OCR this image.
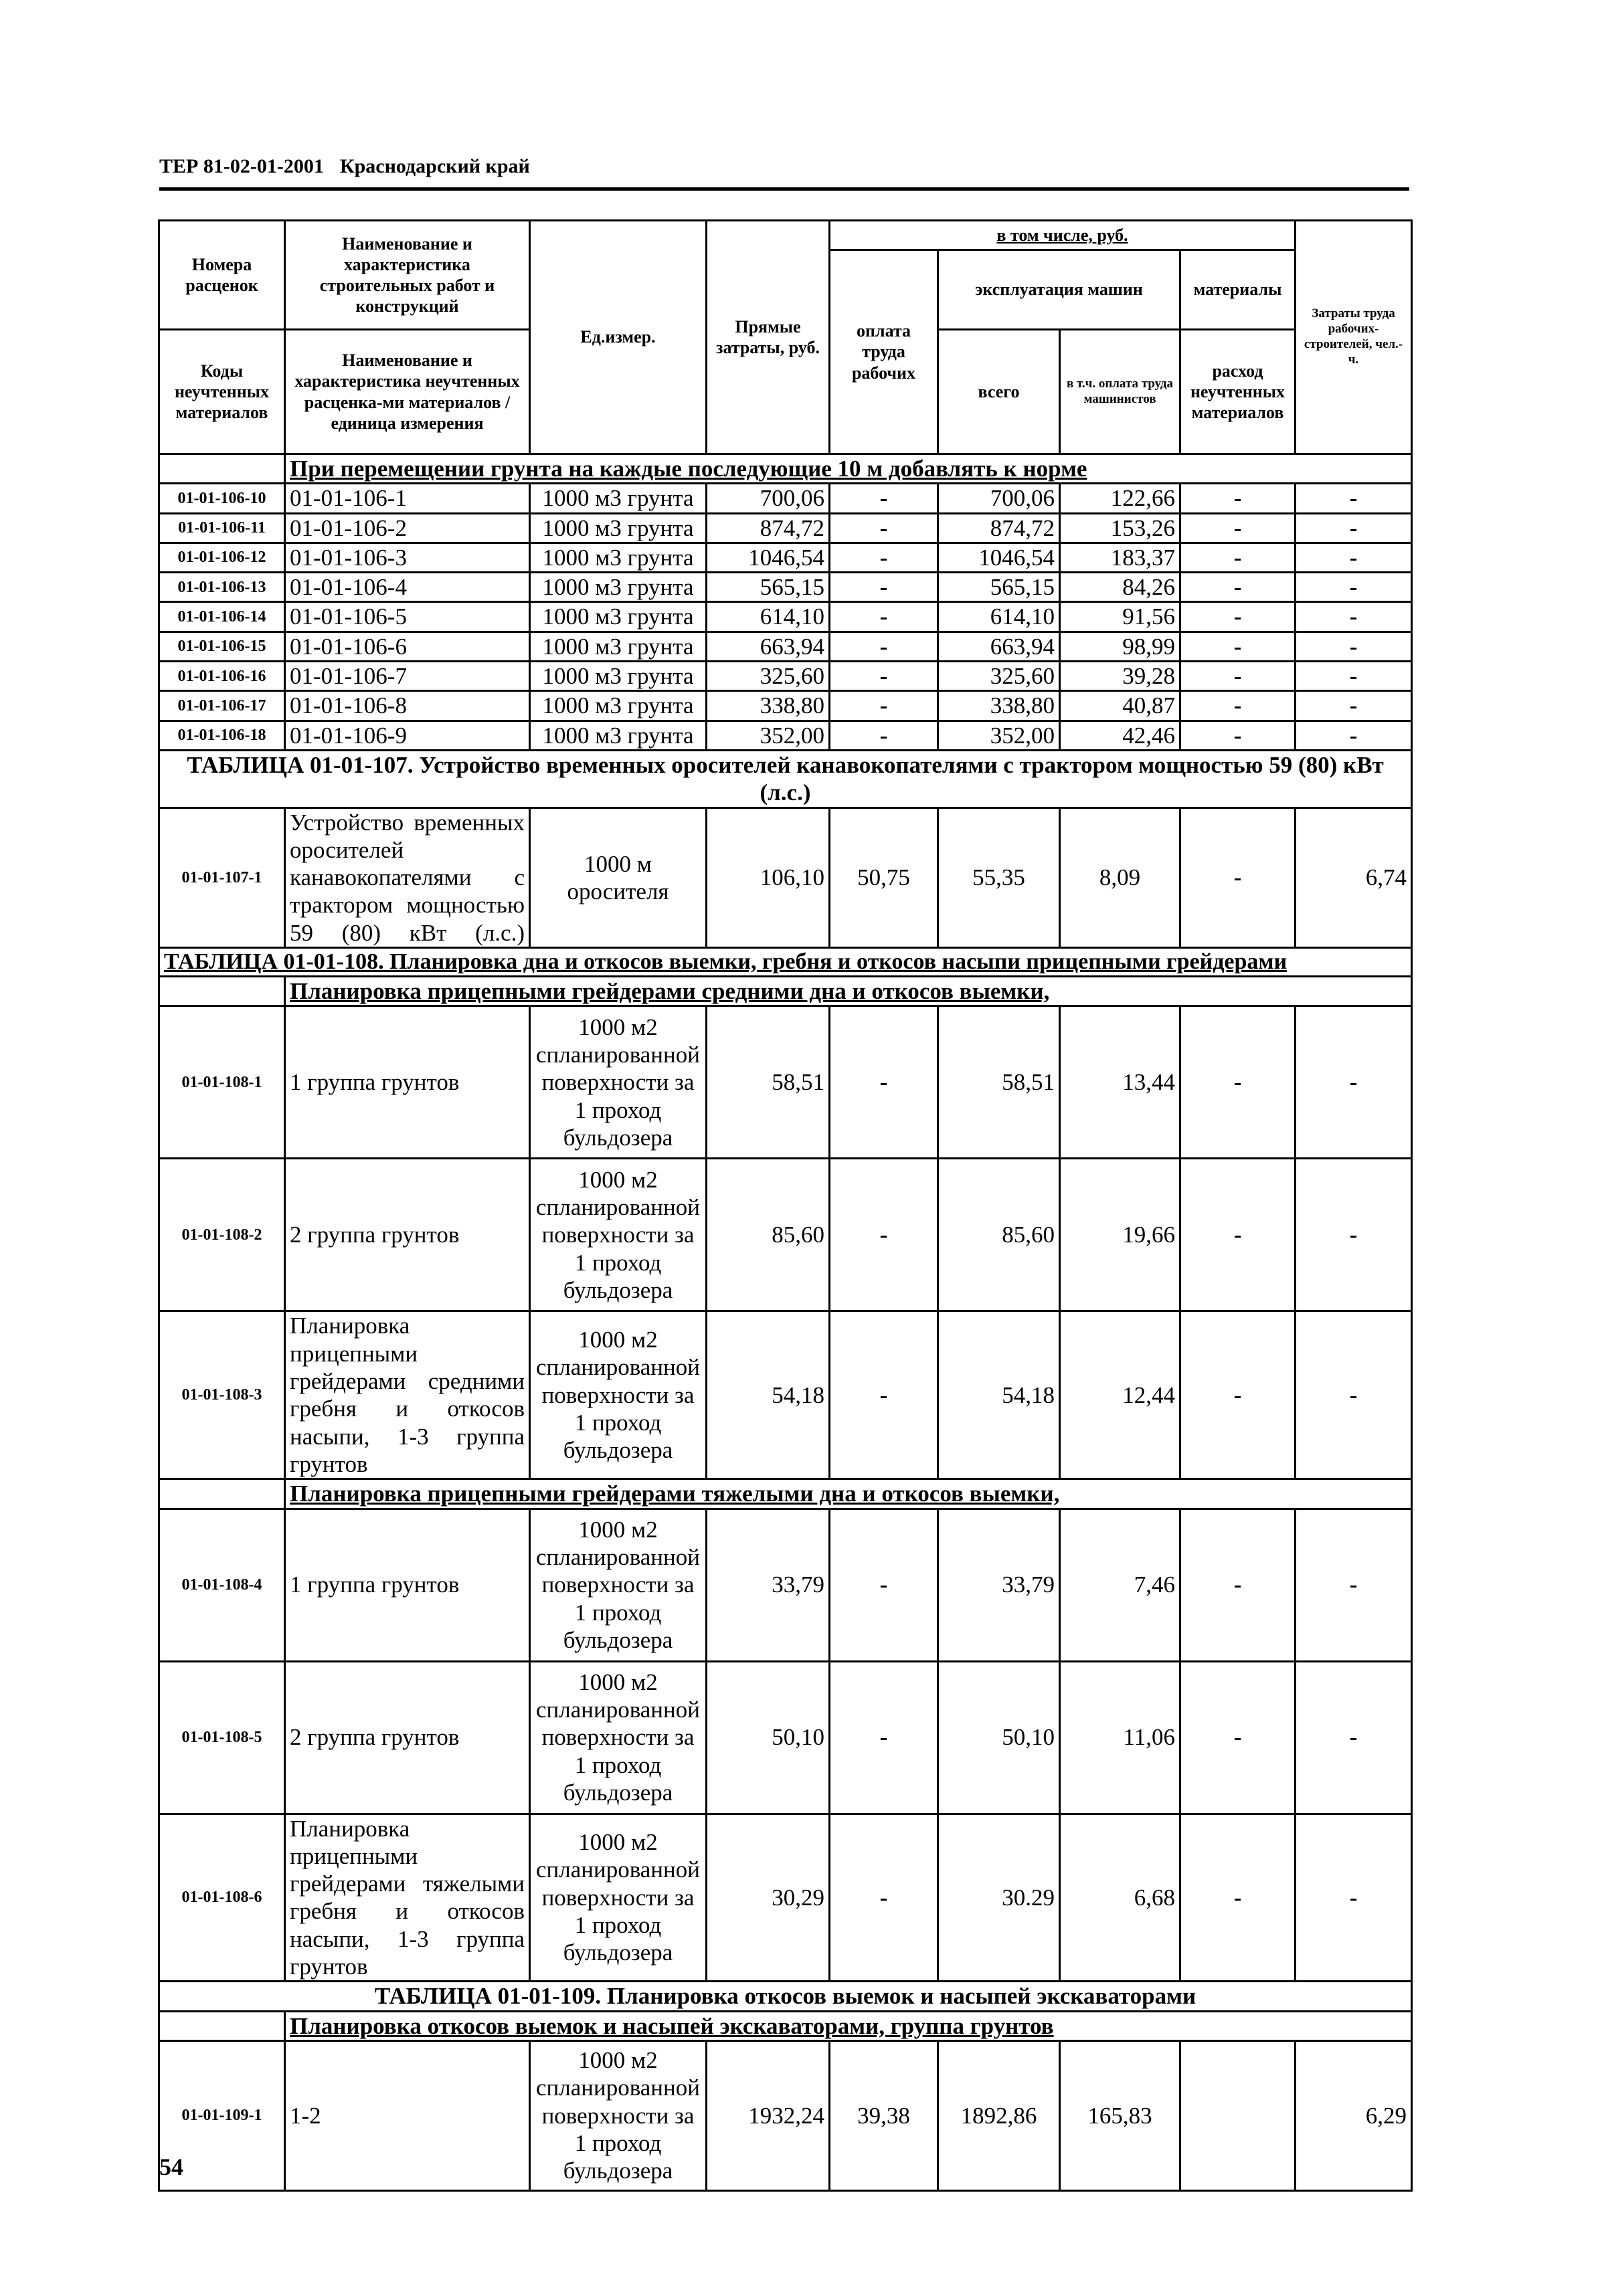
ТЕР 81-02-01-2001 Краснодарский край
Номера расценок	Наименование и характеристика строительных работ и конструкций	Ед.измер.	Прямые затраты, руб.	в том числе, руб.				Затраты труда рабочих-строителей, чел.-ч.
				оплата труда рабочих	эксплуатация машин		материалы	
Коды неучтенных материалов	Наименование и характеристика неучтенных расценка-ми материалов / единица измерения				всего	в т.ч. оплата труда машинистов	расход неучтенных материалов	

	При перемещении грунта на каждые последующие 10 м добавлять к норме							
01-01-106-10	01-01-106-1	1000 м3 грунта	700,06	-	700,06	122,66	-	-
01-01-106-11	01-01-106-2	1000 м3 грунта	874,72	-	874,72	153,26	-	-
01-01-106-12	01-01-106-3	1000 м3 грунта	1046,54	-	1046,54	183,37	-	-
01-01-106-13	01-01-106-4	1000 м3 грунта	565,15	-	565,15	84,26	-	-
01-01-106-14	01-01-106-5	1000 м3 грунта	614,10	-	614,10	91,56	-	-
01-01-106-15	01-01-106-6	1000 м3 грунта	663,94	-	663,94	98,99	-	-
01-01-106-16	01-01-106-7	1000 м3 грунта	325,60	-	325,60	39,28	-	-
01-01-106-17	01-01-106-8	1000 м3 грунта	338,80	-	338,80	40,87	-	-
01-01-106-18	01-01-106-9	1000 м3 грунта	352,00	-	352,00	42,46	-	-
ТАБЛИЦА 01-01-107. Устройство временных оросителей канавокопателями с трактором мощностью 59 (80) кВт (л.с.)								
01-01-107-1	Устройство временных оросителей канавокопателями с трактором мощностью 59 (80) кВт (л.с.)	1000 м оросителя	106,10	50,75	55,35	8,09	-	6,74
ТАБЛИЦА 01-01-108. Планировка дна и откосов выемки, гребня и откосов насыпи прицепными грейдерами								
	Планировка прицепными грейдерами средними дна и откосов выемки,							
01-01-108-1	1 группа грунтов	1000 м2 спланированной поверхности за 1 проход бульдозера	58,51	-	58,51	13,44	-	-
01-01-108-2	2 группа грунтов	1000 м2 спланированной поверхности за 1 проход бульдозера	85,60	-	85,60	19,66	-	-
01-01-108-3	Планировка прицепными грейдерами средними гребня и откосов насыпи, 1-3 группа грунтов	1000 м2 спланированной поверхности за 1 проход бульдозера	54,18	-	54,18	12,44	-	-
	Планировка прицепными грейдерами тяжелыми дна и откосов выемки,							
01-01-108-4	1 группа грунтов	1000 м2 спланированной поверхности за 1 проход бульдозера	33,79	-	33,79	7,46	-	-
01-01-108-5	2 группа грунтов	1000 м2 спланированной поверхности за 1 проход бульдозера	50,10	-	50,10	11,06	-	-
01-01-108-6	Планировка прицепными грейдерами тяжелыми гребня и откосов насыпи, 1-3 группа грунтов	1000 м2 спланированной поверхности за 1 проход бульдозера	30,29	-	30.29	6,68	-	-
ТАБЛИЦА 01-01-109. Планировка откосов выемок и насыпей экскаваторами								
	Планировка откосов выемок и насыпей экскаваторами, группа грунтов							
01-01-109-1	1-2	1000 м2 спланированной поверхности за 1 проход бульдозера	1932,24	39,38	1892,86	165,83		6,29
54
